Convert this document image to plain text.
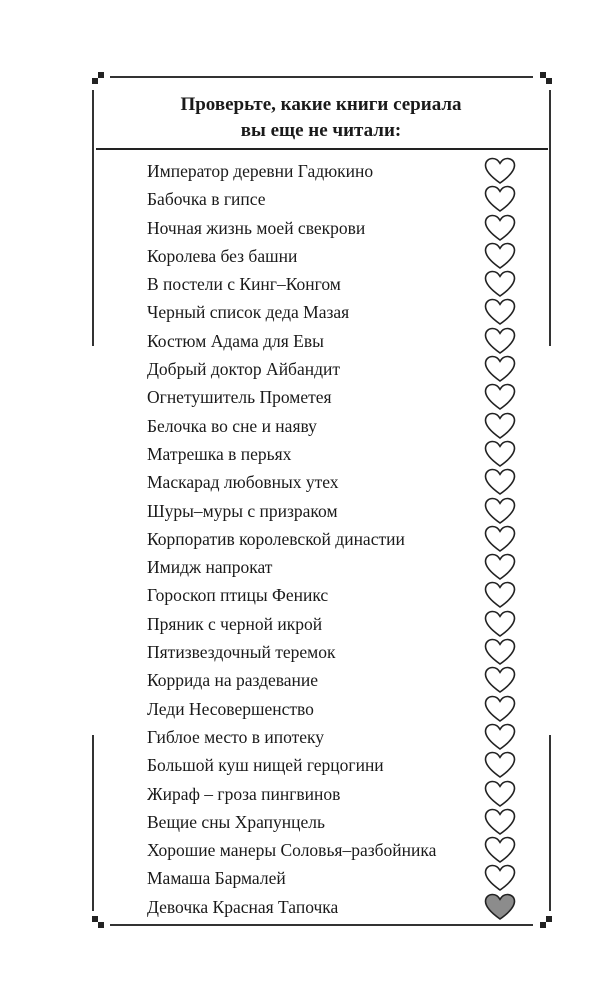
Проверьте, какие книги сериала
вы еще не читали:
Император деревни Гадюкино
Бабочка в гипсе
Ночная жизнь моей свекрови
Королева без башни
В постели с Кинг–Конгом
Черный список деда Мазая
Костюм Адама для Евы
Добрый доктор Айбандит
Огнетушитель Прометея
Белочка во сне и наяву
Матрешка в перьях
Маскарад любовных утех
Шуры–муры с призраком
Корпоратив королевской династии
Имидж напрокат
Гороскоп птицы Феникс
Пряник с черной икрой
Пятизвездочный теремок
Коррида на раздевание
Леди Несовершенство
Гиблое место в ипотеку
Большой куш нищей герцогини
Жираф – гроза пингвинов
Вещие сны Храпунцель
Хорошие манеры Соловья–разбойника
Мамаша Бармалей
Девочка Красная Тапочка
